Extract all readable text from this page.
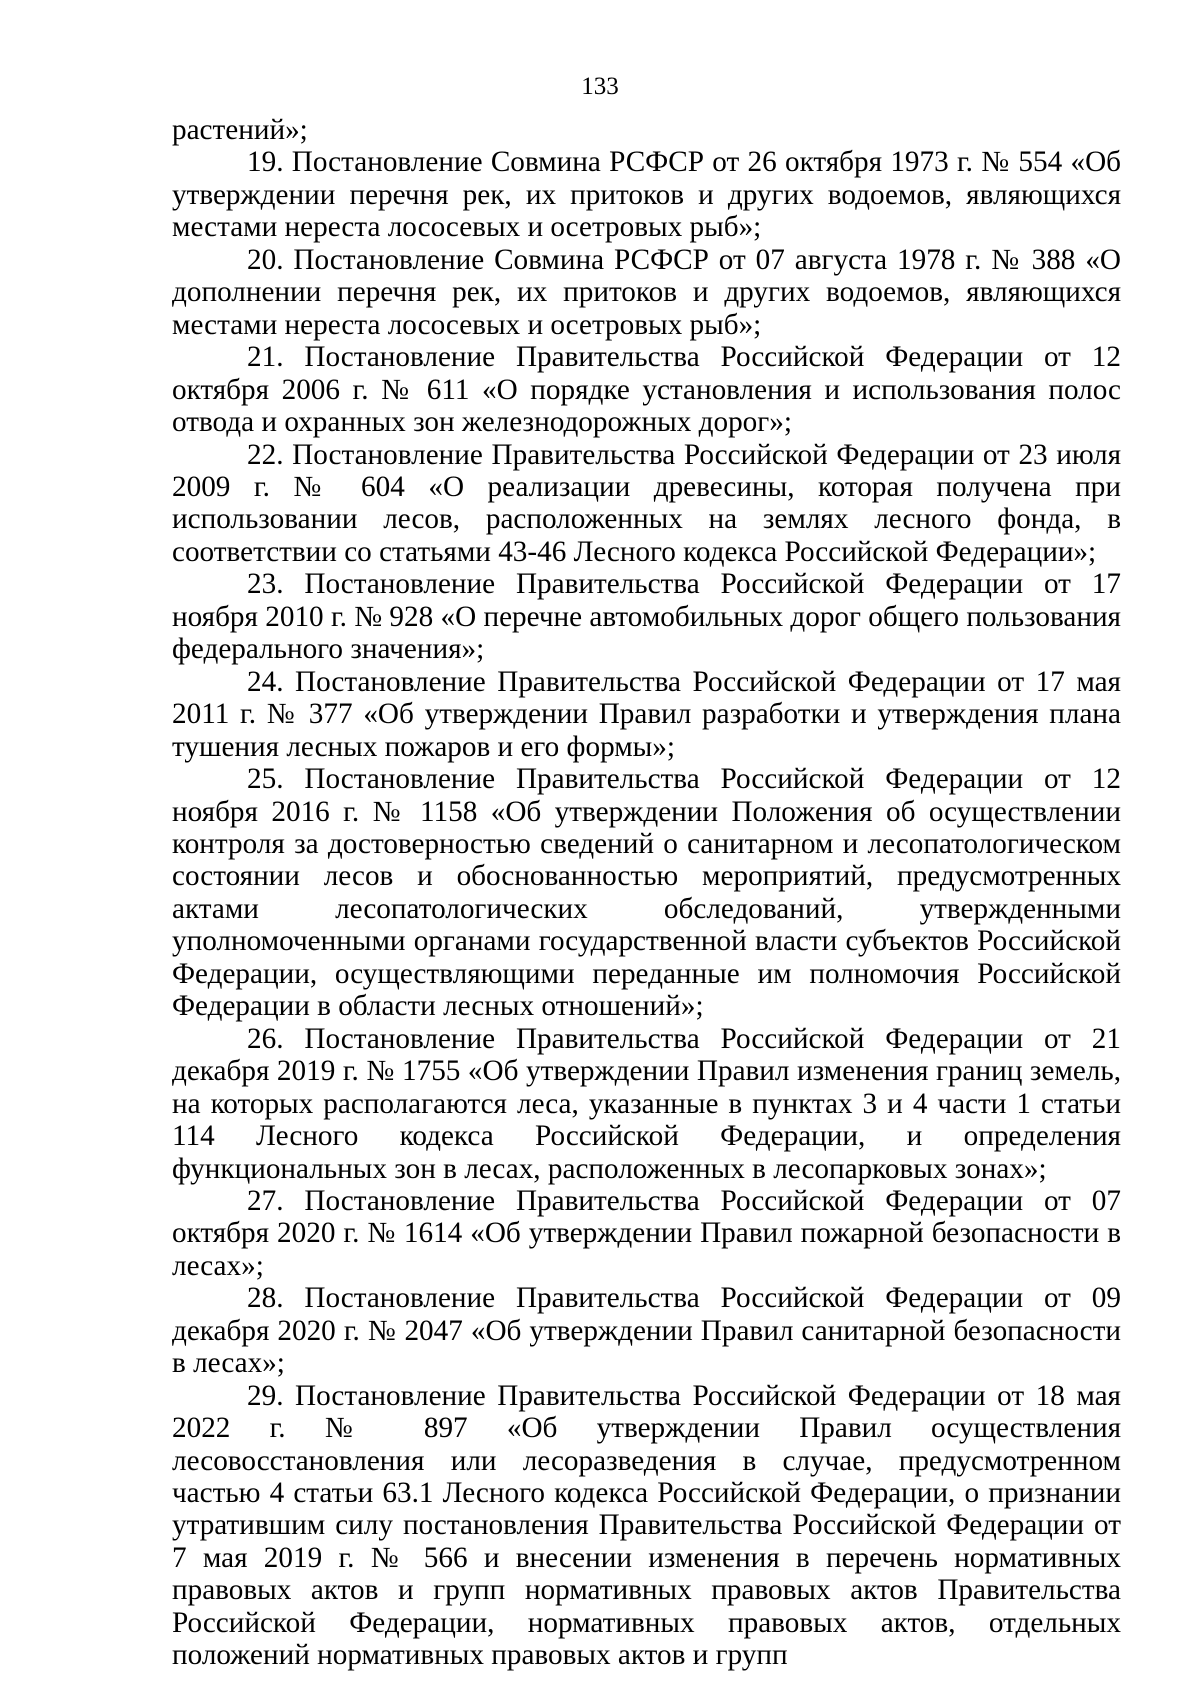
133

растений»;

19. Постановление Совмина РСФСР от 26 октября 1973 г. № 554 «Об утверждении перечня рек, их притоков и других водоемов, являющихся местами нереста лососевых и осетровых рыб»;

20. Постановление Совмина РСФСР от 07 августа 1978 г. № 388 «О дополнении перечня рек, их притоков и других водоемов, являющихся местами нереста лососевых и осетровых рыб»;

21. Постановление Правительства Российской Федерации от 12 октября 2006 г. № 611 «О порядке установления и использования полос отвода и охранных зон железнодорожных дорог»;

22. Постановление Правительства Российской Федерации от 23 июля 2009 г. № 604 «О реализации древесины, которая получена при использовании лесов, расположенных на землях лесного фонда, в соответствии со статьями 43-46 Лесного кодекса Российской Федерации»;

23. Постановление Правительства Российской Федерации от 17 ноября 2010 г. № 928 «О перечне автомобильных дорог общего пользования федерального значения»;

24. Постановление Правительства Российской Федерации от 17 мая 2011 г. № 377 «Об утверждении Правил разработки и утверждения плана тушения лесных пожаров и его формы»;

25. Постановление Правительства Российской Федерации от 12 ноября 2016 г. № 1158 «Об утверждении Положения об осуществлении контроля за достоверностью сведений о санитарном и лесопатологическом состоянии лесов и обоснованностью мероприятий, предусмотренных актами лесопатологических обследований, утвержденными уполномоченными органами государственной власти субъектов Российской Федерации, осуществляющими переданные им полномочия Российской Федерации в области лесных отношений»;

26. Постановление Правительства Российской Федерации от 21 декабря 2019 г. № 1755 «Об утверждении Правил изменения границ земель, на которых располагаются леса, указанные в пунктах 3 и 4 части 1 статьи 114 Лесного кодекса Российской Федерации, и определения функциональных зон в лесах, расположенных в лесопарковых зонах»;

27. Постановление Правительства Российской Федерации от 07 октября 2020 г. № 1614 «Об утверждении Правил пожарной безопасности в лесах»;

28. Постановление Правительства Российской Федерации от 09 декабря 2020 г. № 2047 «Об утверждении Правил санитарной безопасности в лесах»;

29. Постановление Правительства Российской Федерации от 18 мая 2022 г. № 897 «Об утверждении Правил осуществления лесовосстановления или лесоразведения в случае, предусмотренном частью 4 статьи 63.1 Лесного кодекса Российской Федерации, о признании утратившим силу постановления Правительства Российской Федерации от 7 мая 2019 г. № 566 и внесении изменения в перечень нормативных правовых актов и групп нормативных правовых актов Правительства Российской Федерации, нормативных правовых актов, отдельных положений нормативных правовых актов и групп
